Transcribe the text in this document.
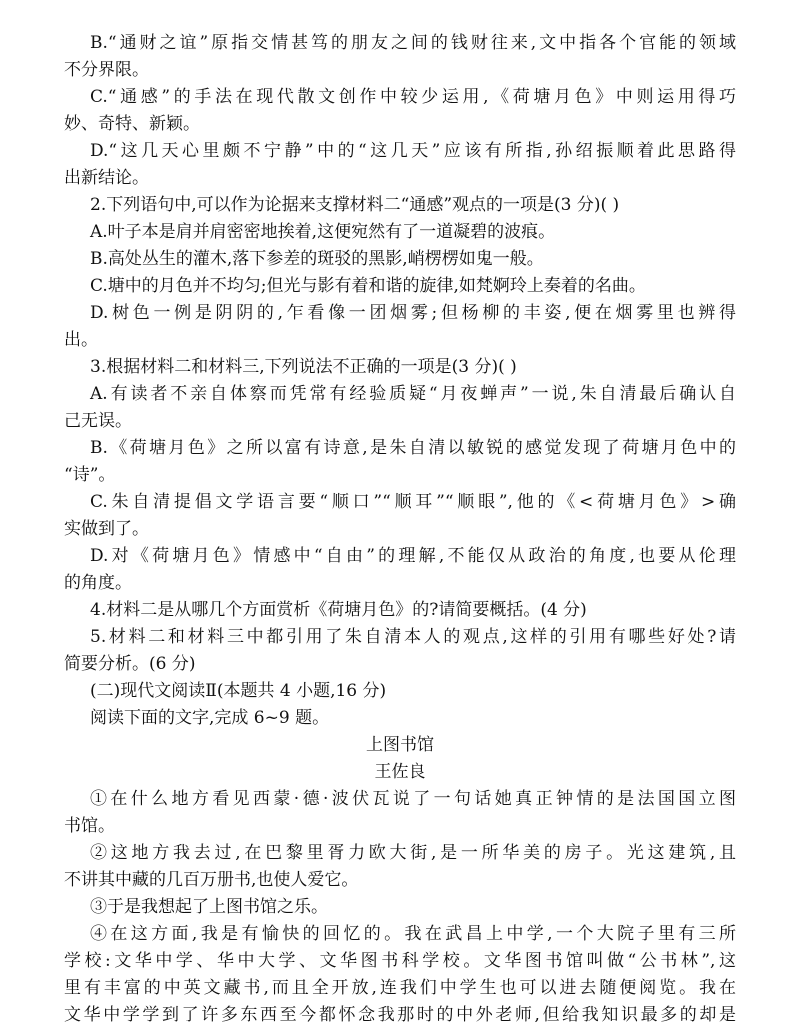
B.“通财之谊”原指交情甚笃的朋友之间的钱财往来,文中指各个官能的领域
不分界限。
C.“通感”的手法在现代散文创作中较少运用,《荷塘月色》中则运用得巧
妙、奇特、新颖。
D.“这几天心里颇不宁静”中的“这几天”应该有所指,孙绍振顺着此思路得
出新结论。
2.下列语句中,可以作为论据来支撑材料二“通感”观点的一项是(3 分)( )
A.叶子本是肩并肩密密地挨着,这便宛然有了一道凝碧的波痕。
B.高处丛生的灌木,落下参差的斑驳的黑影,峭楞楞如鬼一般。
C.塘中的月色并不均匀;但光与影有着和谐的旋律,如梵婀玲上奏着的名曲。
D.树色一例是阴阴的,乍看像一团烟雾;但杨柳的丰姿,便在烟雾里也辨得
出。
3.根据材料二和材料三,下列说法不正确的一项是(3 分)( )
A.有读者不亲自体察而凭常有经验质疑“月夜蝉声”一说,朱自清最后确认自
己无误。
B.《荷塘月色》之所以富有诗意,是朱自清以敏锐的感觉发现了荷塘月色中的
“诗”。
C.朱自清提倡文学语言要“顺口”“顺耳”“顺眼”,他的《<荷塘月色》>确
实做到了。
D.对《荷塘月色》情感中“自由”的理解,不能仅从政治的角度,也要从伦理
的角度。
4.材料二是从哪几个方面赏析《荷塘月色》的?请简要概括。(4 分)
5.材料二和材料三中都引用了朱自清本人的观点,这样的引用有哪些好处?请
简要分析。(6 分)
(二)现代文阅读Ⅱ(本题共 4 小题,16 分)
阅读下面的文字,完成 6~9 题。
上图书馆
王佐良
①在什么地方看见西蒙·德·波伏瓦说了一句话她真正钟情的是法国国立图
书馆。
②这地方我去过,在巴黎里胥力欧大街,是一所华美的房子。光这建筑,且
不讲其中藏的几百万册书,也使人爱它。
③于是我想起了上图书馆之乐。
④在这方面,我是有愉快的回忆的。我在武昌上中学,一个大院子里有三所
学校:文华中学、华中大学、文华图书科学校。文华图书馆叫做“公书林”,这
里有丰富的中英文藏书,而且全开放,连我们中学生也可以进去随便阅览。我在
文华中学学到了许多东西至今都怀念我那时的中外老师,但给我知识最多的却是
